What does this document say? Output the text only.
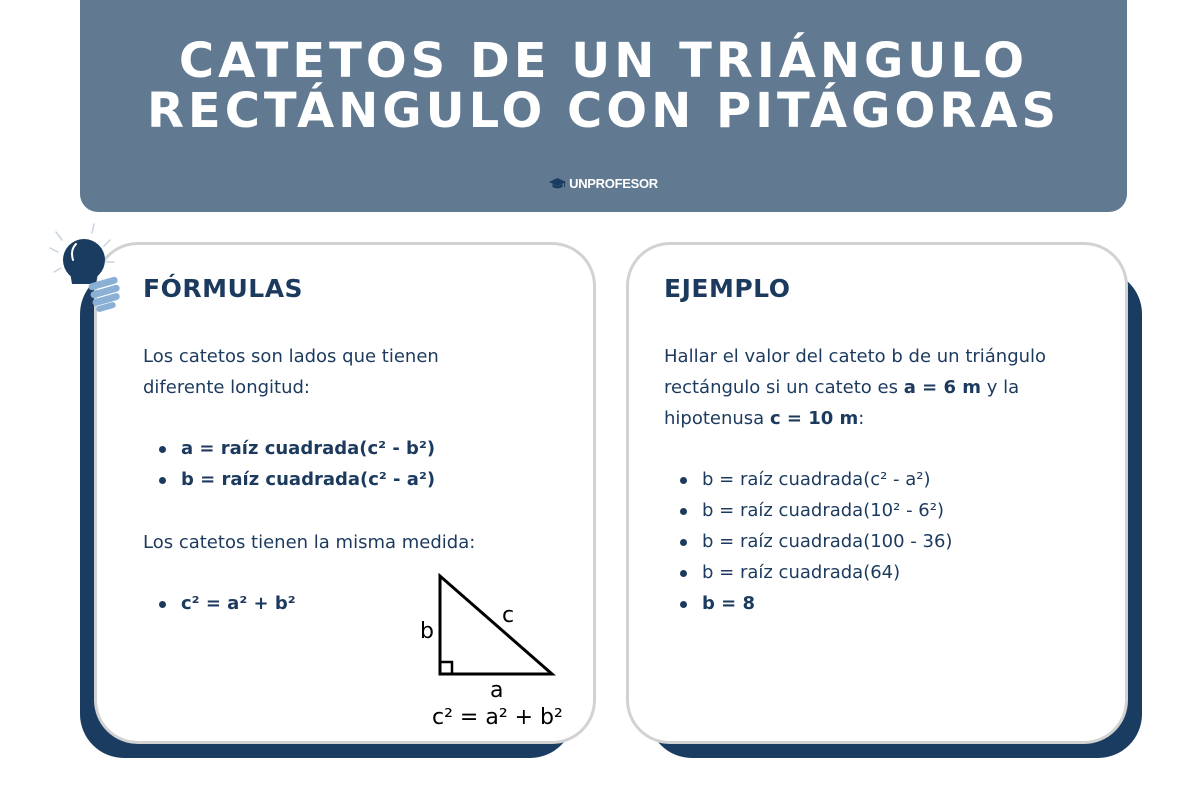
CATETOS DE UN TRIÁNGULO
RECTÁNGULO CON PITÁGORAS
UNPROFESOR
FÓRMULAS
Los catetos son lados que tienen
diferente longitud:
a = raíz cuadrada(c² - b²)
b = raíz cuadrada(c² - a²)
Los catetos tienen la misma medida:
c² = a² + b²
b
c
a
c² = a² + b²
EJEMPLO
Hallar el valor del cateto b de un triángulo
rectángulo si un cateto es a = 6 m y la
hipotenusa c = 10 m:
b = raíz cuadrada(c² - a²)
b = raíz cuadrada(10² - 6²)
b = raíz cuadrada(100 - 36)
b = raíz cuadrada(64)
b = 8
